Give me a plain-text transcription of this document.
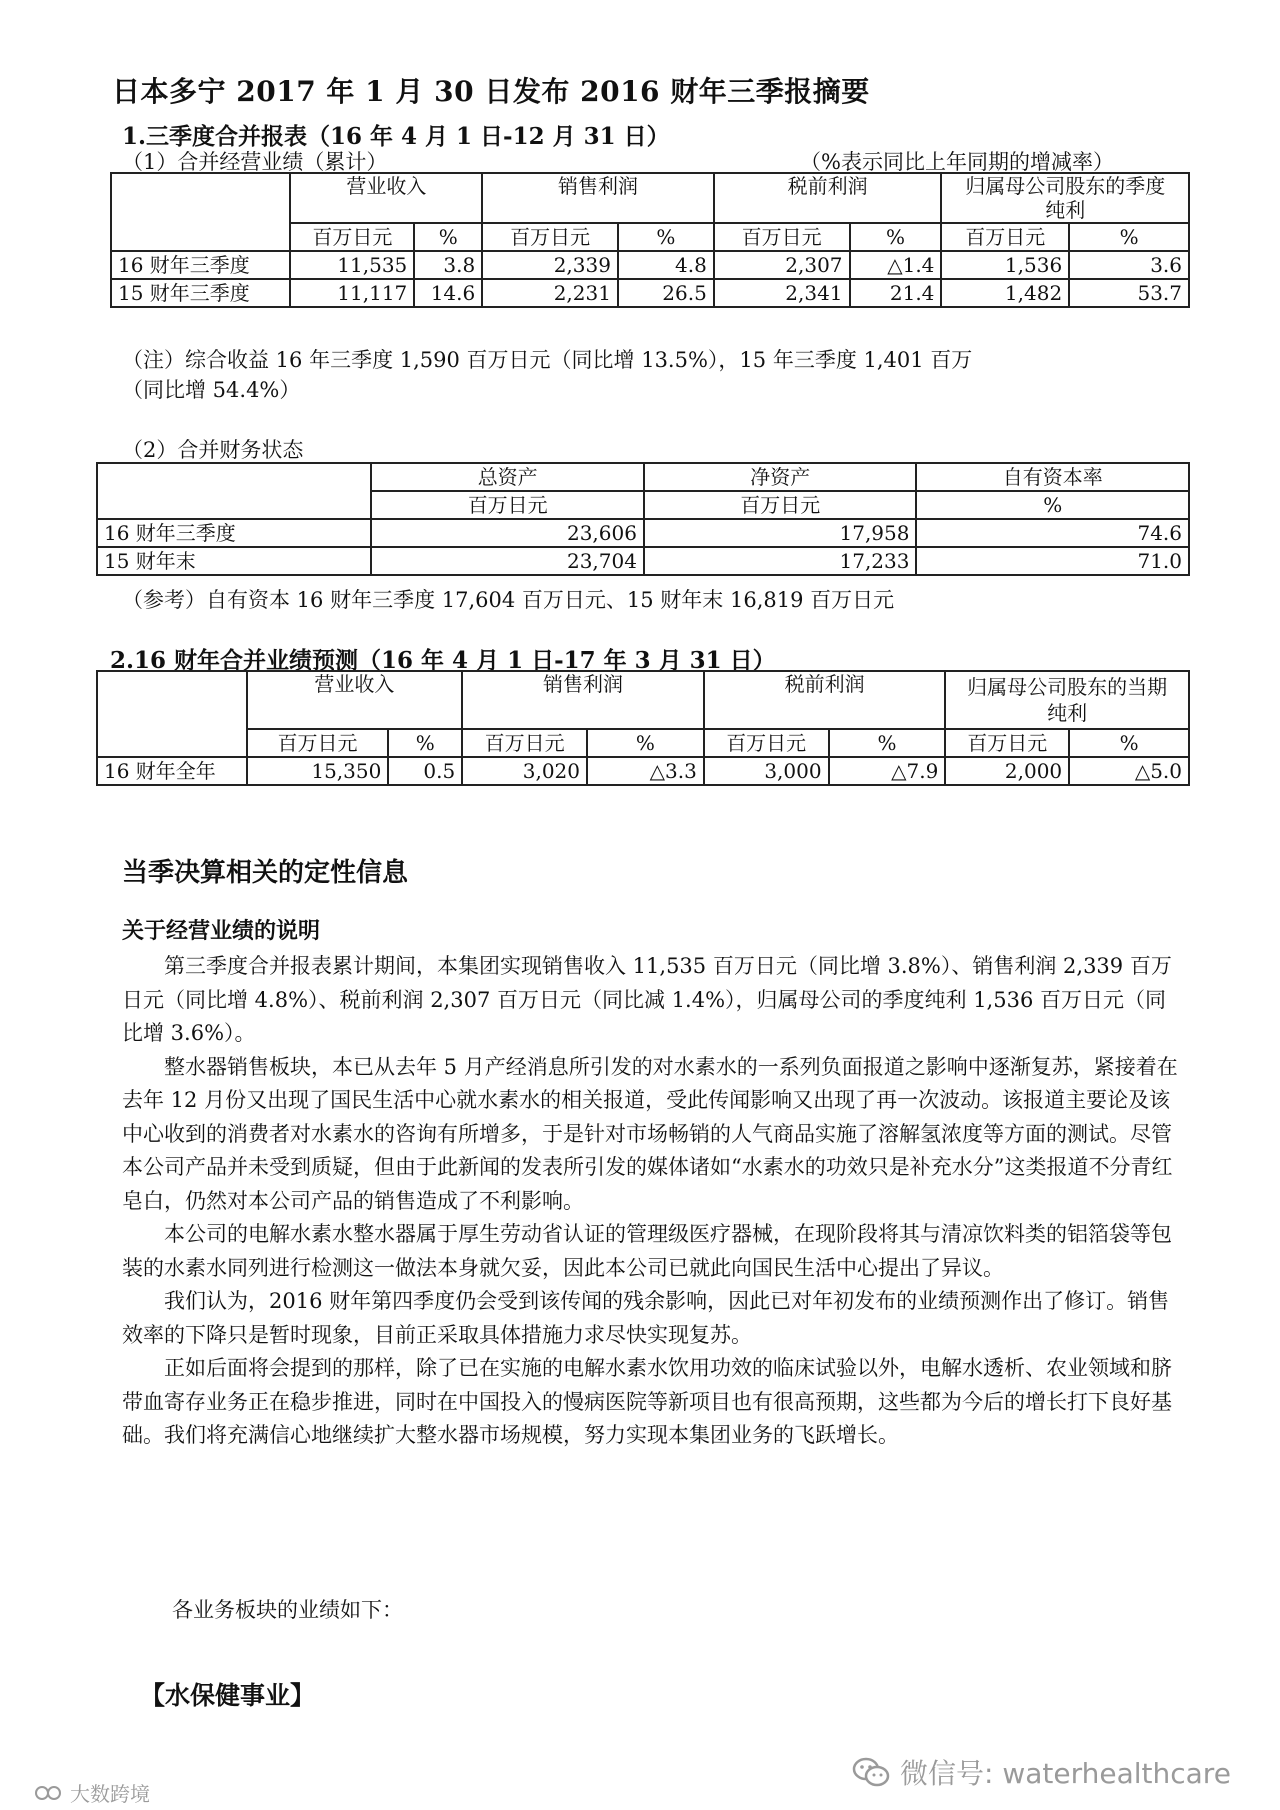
日本多宁 2017 年 1 月 30 日发布 2016 财年三季报摘要
1.三季度合并报表（16 年 4 月 1 日-12 月 31 日）
（1）合并经营业绩（累计）	（%表示同比上年同期的增减率）
	营业收入		销售利润		税前利润		归属母公司股东的季度纯利	
	百万日元	%	百万日元	%	百万日元	%	百万日元	%
16 财年三季度	11,535	3.8	2,339	4.8	2,307	△1.4	1,536	3.6
15 财年三季度	11,117	14.6	2,231	26.5	2,341	21.4	1,482	53.7
（注）综合收益 16 年三季度 1,590 百万日元（同比增 13.5%），15 年三季度 1,401 百万
（同比增 54.4%）
（2）合并财务状态
	总资产	净资产	自有资本率
	百万日元	百万日元	%
16 财年三季度	23,606	17,958	74.6
15 财年末	23,704	17,233	71.0
（参考）自有资本 16 财年三季度 17,604 百万日元、15 财年末 16,819 百万日元
2.16 财年合并业绩预测（16 年 4 月 1 日-17 年 3 月 31 日）
	营业收入		销售利润		税前利润		归属母公司股东的当期纯利	
	百万日元	%	百万日元	%	百万日元	%	百万日元	%
16 财年全年	15,350	0.5	3,020	△3.3	3,000	△7.9	2,000	△5.0
当季决算相关的定性信息
关于经营业绩的说明

第三季度合并报表累计期间，本集团实现销售收入 11,535 百万日元（同比增 3.8%）、销售利润 2,339 百万日元（同比增 4.8%）、税前利润 2,307 百万日元（同比减 1.4%），归属母公司的季度纯利 1,536 百万日元（同比增 3.6%）。

整水器销售板块，本已从去年 5 月产经消息所引发的对水素水的一系列负面报道之影响中逐渐复苏，紧接着在去年 12 月份又出现了国民生活中心就水素水的相关报道，受此传闻影响又出现了再一次波动。该报道主要论及该中心收到的消费者对水素水的咨询有所增多，于是针对市场畅销的人气商品实施了溶解氢浓度等方面的测试。尽管本公司产品并未受到质疑，但由于此新闻的发表所引发的媒体诸如“水素水的功效只是补充水分”这类报道不分青红皂白，仍然对本公司产品的销售造成了不利影响。

本公司的电解水素水整水器属于厚生劳动省认证的管理级医疗器械，在现阶段将其与清凉饮料类的铝箔袋等包装的水素水同列进行检测这一做法本身就欠妥，因此本公司已就此向国民生活中心提出了异议。

我们认为，2016 财年第四季度仍会受到该传闻的残余影响，因此已对年初发布的业绩预测作出了修订。销售效率的下降只是暂时现象，目前正采取具体措施力求尽快实现复苏。

正如后面将会提到的那样，除了已在实施的电解水素水饮用功效的临床试验以外，电解水透析、农业领域和脐带血寄存业务正在稳步推进，同时在中国投入的慢病医院等新项目也有很高预期，这些都为今后的增长打下良好基础。我们将充满信心地继续扩大整水器市场规模，努力实现本集团业务的飞跃增长。

各业务板块的业绩如下：
【水保健事业】
微信号: waterhealthcare
大数跨境
